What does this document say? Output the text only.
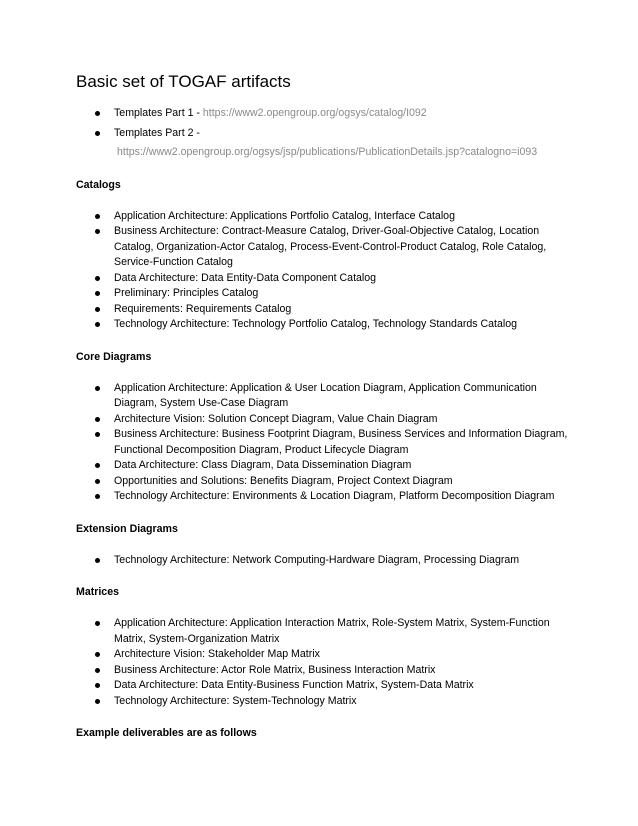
Basic set of TOGAF artifacts
Templates Part 1 - https://www2.opengroup.org/ogsys/catalog/I092
Templates Part 2 -
https://www2.opengroup.org/ogsys/jsp/publications/PublicationDetails.jsp?catalogno=i093
Catalogs
Application Architecture: Applications Portfolio Catalog, Interface Catalog
Business Architecture: Contract-Measure Catalog, Driver-Goal-Objective Catalog, Location Catalog, Organization-Actor Catalog, Process-Event-Control-Product Catalog, Role Catalog, Service-Function Catalog
Data Architecture: Data Entity-Data Component Catalog
Preliminary: Principles Catalog
Requirements: Requirements Catalog
Technology Architecture: Technology Portfolio Catalog, Technology Standards Catalog
Core Diagrams
Application Architecture: Application & User Location Diagram, Application Communication Diagram, System Use-Case Diagram
Architecture Vision: Solution Concept Diagram, Value Chain Diagram
Business Architecture: Business Footprint Diagram, Business Services and Information Diagram, Functional Decomposition Diagram, Product Lifecycle Diagram
Data Architecture: Class Diagram, Data Dissemination Diagram
Opportunities and Solutions: Benefits Diagram, Project Context Diagram
Technology Architecture: Environments & Location Diagram, Platform Decomposition Diagram
Extension Diagrams
Technology Architecture: Network Computing-Hardware Diagram, Processing Diagram
Matrices
Application Architecture: Application Interaction Matrix, Role-System Matrix, System-Function Matrix, System-Organization Matrix
Architecture Vision: Stakeholder Map Matrix
Business Architecture: Actor Role Matrix, Business Interaction Matrix
Data Architecture: Data Entity-Business Function Matrix, System-Data Matrix
Technology Architecture: System-Technology Matrix
Example deliverables are as follows
